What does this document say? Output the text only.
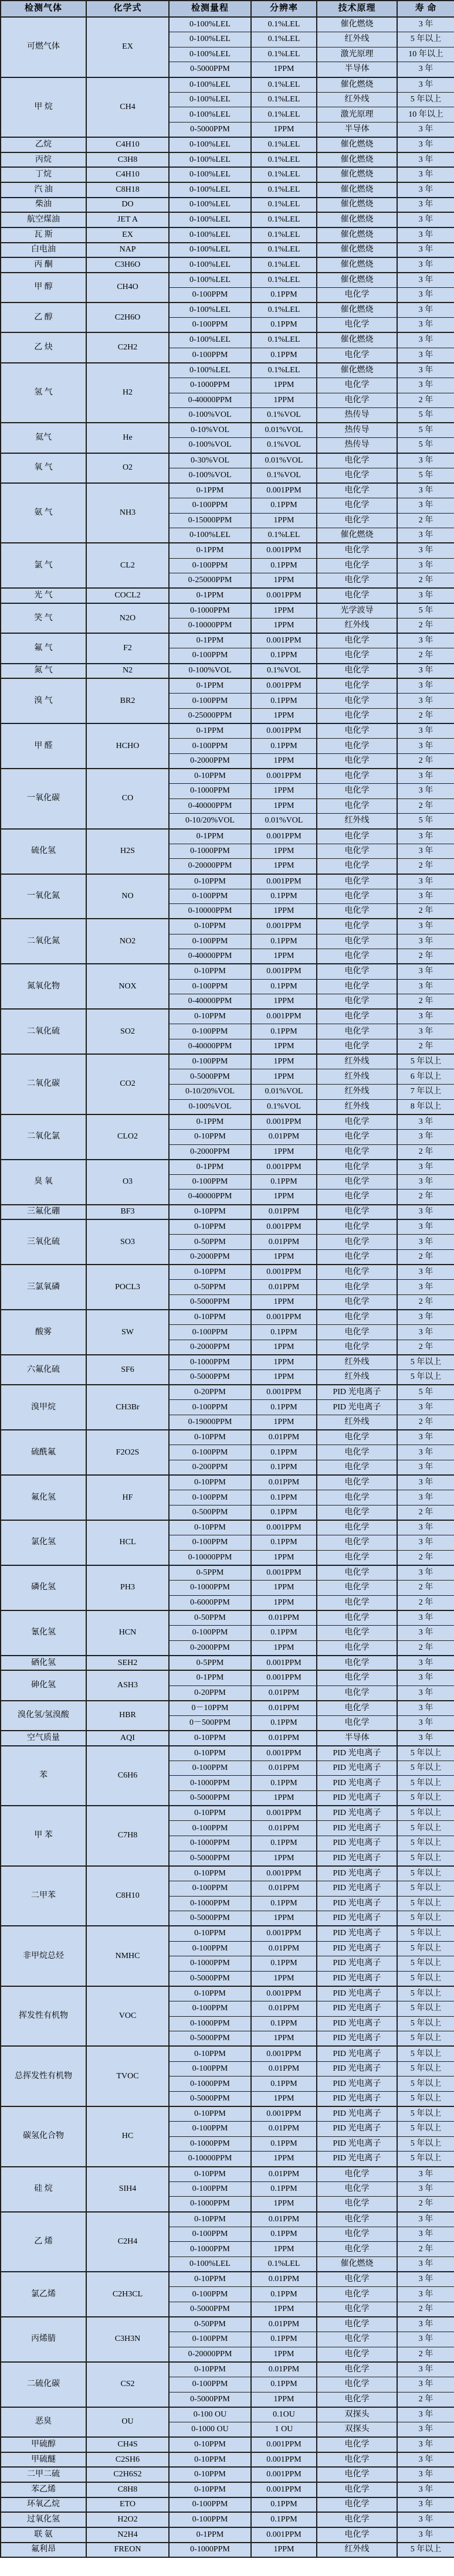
检测气体	化学式	检测量程	分辨率	技术原理	寿 命
可燃气体	EX	0-100%LEL	0.1%LEL	催化燃烧	3 年
		0-100%LEL	0.1%LEL	红外线	5 年以上
		0-100%LEL	0.1%LEL	激光原理	10 年以上
		0-5000PPM	1PPM	半导体	3 年
甲 烷	CH4	0-100%LEL	0.1%LEL	催化燃烧	3 年
		0-100%LEL	0.1%LEL	红外线	5 年以上
		0-100%LEL	0.1%LEL	激光原理	10 年以上
		0-5000PPM	1PPM	半导体	3 年
乙烷	C4H10	0-100%LEL	0.1%LEL	催化燃烧	3 年
丙烷	C3H8	0-100%LEL	0.1%LEL	催化燃烧	3 年
丁烷	C4H10	0-100%LEL	0.1%LEL	催化燃烧	3 年
汽 油	C8H18	0-100%LEL	0.1%LEL	催化燃烧	3 年
柴油	DO	0-100%LEL	0.1%LEL	催化燃烧	3 年
航空煤油	JET A	0-100%LEL	0.1%LEL	催化燃烧	3 年
瓦 斯	EX	0-100%LEL	0.1%LEL	催化燃烧	3 年
白电油	NAP	0-100%LEL	0.1%LEL	催化燃烧	3 年
丙 酮	C3H6O	0-100%LEL	0.1%LEL	催化燃烧	3 年
甲 醇	CH4O	0-100%LEL	0.1%LEL	催化燃烧	3 年
		0-100PPM	0.1PPM	电化学	3 年
乙 醇	C2H6O	0-100%LEL	0.1%LEL	催化燃烧	3 年
		0-100PPM	0.1PPM	电化学	3 年
乙 炔	C2H2	0-100%LEL	0.1%LEL	催化燃烧	3 年
		0-100PPM	0.1PPM	电化学	3 年
氢 气	H2	0-100%LEL	0.1%LEL	催化燃烧	3 年
		0-1000PPM	1PPM	电化学	3 年
		0-40000PPM	1PPM	电化学	2 年
		0-100%VOL	0.1%VOL	热传导	5 年
氦气	He	0-10%VOL	0.01%VOL	热传导	5 年
		0-100%VOL	0.1%VOL	热传导	5 年
氧 气	O2	0-30%VOL	0.01%VOL	电化学	3 年
		0-100%VOL	0.1%VOL	电化学	5 年
氨 气	NH3	0-1PPM	0.001PPM	电化学	3 年
		0-100PPM	0.1PPM	电化学	3 年
		0-15000PPM	1PPM	电化学	2 年
		0-100%LEL	0.1%LEL	催化燃烧	3 年
氯 气	CL2	0-1PPM	0.001PPM	电化学	3 年
		0-100PPM	0.1PPM	电化学	3 年
		0-25000PPM	1PPM	电化学	2 年
光 气	COCL2	0-1PPM	0.001PPM	电化学	3 年
笑 气	N2O	0-1000PPM	1PPM	光学波导	5 年
		0-10000PPM	1PPM	红外线	2 年
氟 气	F2	0-1PPM	0.001PPM	电化学	3 年
		0-100PPM	0.1PPM	电化学	2 年
氮 气	N2	0-100%VOL	0.1%VOL	电化学	3 年
溴 气	BR2	0-1PPM	0.001PPM	电化学	3 年
		0-100PPM	0.1PPM	电化学	3 年
		0-25000PPM	1PPM	电化学	2 年
甲 醛	HCHO	0-1PPM	0.001PPM	电化学	3 年
		0-100PPM	0.1PPM	电化学	3 年
		0-2000PPM	1PPM	电化学	2 年
一氧化碳	CO	0-10PPM	0.001PPM	电化学	3 年
		0-1000PPM	1PPM	电化学	3 年
		0-40000PPM	1PPM	电化学	2 年
		0-10/20%VOL	0.01%VOL	红外线	5 年
硫化氢	H2S	0-1PPM	0.001PPM	电化学	3 年
		0-1000PPM	1PPM	电化学	3 年
		0-20000PPM	1PPM	电化学	2 年
一氧化氮	NO	0-10PPM	0.001PPM	电化学	3 年
		0-100PPM	0.1PPM	电化学	3 年
		0-10000PPM	1PPM	电化学	2 年
二氧化氮	NO2	0-10PPM	0.001PPM	电化学	3 年
		0-100PPM	0.1PPM	电化学	3 年
		0-40000PPM	1PPM	电化学	2 年
氮氧化物	NOX	0-10PPM	0.001PPM	电化学	3 年
		0-100PPM	0.1PPM	电化学	3 年
		0-40000PPM	1PPM	电化学	2 年
二氧化硫	SO2	0-10PPM	0.001PPM	电化学	3 年
		0-100PPM	0.1PPM	电化学	3 年
		0-40000PPM	1PPM	电化学	2 年
二氧化碳	CO2	0-100PPM	1PPM	红外线	5 年以上
		0-5000PPM	1PPM	红外线	6 年以上
		0-10/20%VOL	0.01%VOL	红外线	7 年以上
		0-100%VOL	0.1%VOL	红外线	8 年以上
二氧化氯	CLO2	0-1PPM	0.001PPM	电化学	3 年
		0-10PPM	0.01PPM	电化学	3 年
		0-2000PPM	1PPM	电化学	2 年
臭 氧	O3	0-1PPM	0.001PPM	电化学	3 年
		0-100PPM	0.1PPM	电化学	3 年
		0-40000PPM	1PPM	电化学	2 年
三氟化硼	BF3	0-10PPM	0.01PPM	电化学	3 年
三氧化硫	SO3	0-10PPM	0.001PPM	电化学	3 年
		0-50PPM	0.01PPM	电化学	3 年
		0-2000PPM	1PPM	电化学	2 年
三氯氧磷	POCL3	0-10PPM	0.001PPM	电化学	3 年
		0-50PPM	0.01PPM	电化学	3 年
		0-5000PPM	1PPM	电化学	2 年
酸雾	SW	0-10PPM	0.001PPM	电化学	3 年
		0-100PPM	0.1PPM	电化学	3 年
		0-2000PPM	1PPM	电化学	2 年
六氟化硫	SF6	0-1000PPM	1PPM	红外线	5 年以上
		0-5000PPM	1PPM	红外线	5 年以上
溴甲烷	CH3Br	0-20PPM	0.001PPM	PID 光电离子	5 年
		0-100PPM	0.1PPM	PID 光电离子	3 年
		0-19000PPM	1PPM	红外线	2 年
硫酰氟	F2O2S	0-10PPM	0.01PPM	电化学	3 年
		0-100PPM	0.1PPM	电化学	3 年
		0-200PPM	0.1PPM	电化学	3 年
氟化氢	HF	0-10PPM	0.01PPM	电化学	3 年
		0-100PPM	0.1PPM	电化学	3 年
		0-500PPM	0.1PPM	电化学	2 年
氯化氢	HCL	0-10PPM	0.001PPM	电化学	3 年
		0-100PPM	0.1PPM	电化学	3 年
		0-10000PPM	1PPM	电化学	2 年
磷化氢	PH3	0-5PPM	0.001PPM	电化学	3 年
		0-1000PPM	1PPM	电化学	2 年
		0-6000PPM	1PPM	电化学	2 年
氰化氢	HCN	0-50PPM	0.01PPM	电化学	3 年
		0-100PPM	0.1PPM	电化学	3 年
		0-2000PPM	1PPM	电化学	2 年
硒化氢	SEH2	0-5PPM	0.001PPM	电化学	3 年
砷化氢	ASH3	0-1PPM	0.001PPM	电化学	3 年
		0-20PPM	0.01PPM	电化学	3 年
溴化氢/氢溴酸	HBR	0－10PPM	0.01PPM	电化学	3 年
		0－500PPM	0.1PPM	电化学	3 年
空气质量	AQI	0-10PPM	0.01PPM	半导体	3 年
苯	C6H6	0-10PPM	0.001PPM	PID 光电离子	5 年以上
		0-100PPM	0.01PPM	PID 光电离子	5 年以上
		0-1000PPM	0.1PPM	PID 光电离子	5 年以上
		0-5000PPM	1PPM	PID 光电离子	5 年以上
甲 苯	C7H8	0-10PPM	0.001PPM	PID 光电离子	5 年以上
		0-100PPM	0.01PPM	PID 光电离子	5 年以上
		0-1000PPM	0.1PPM	PID 光电离子	5 年以上
		0-5000PPM	1PPM	PID 光电离子	5 年以上
二甲苯	C8H10	0-10PPM	0.001PPM	PID 光电离子	5 年以上
		0-100PPM	0.01PPM	PID 光电离子	5 年以上
		0-1000PPM	0.1PPM	PID 光电离子	5 年以上
		0-5000PPM	1PPM	PID 光电离子	5 年以上
非甲烷总烃	NMHC	0-10PPM	0.001PPM	PID 光电离子	5 年以上
		0-100PPM	0.01PPM	PID 光电离子	5 年以上
		0-1000PPM	0.1PPM	PID 光电离子	5 年以上
		0-5000PPM	1PPM	PID 光电离子	5 年以上
挥发性有机物	VOC	0-10PPM	0.001PPM	PID 光电离子	5 年以上
		0-100PPM	0.01PPM	PID 光电离子	5 年以上
		0-1000PPM	0.1PPM	PID 光电离子	5 年以上
		0-5000PPM	1PPM	PID 光电离子	5 年以上
总挥发性有机物	TVOC	0-10PPM	0.001PPM	PID 光电离子	5 年以上
		0-100PPM	0.01PPM	PID 光电离子	5 年以上
		0-1000PPM	0.1PPM	PID 光电离子	5 年以上
		0-5000PPM	1PPM	PID 光电离子	5 年以上
碳氢化合物	HC	0-10PPM	0.001PPM	PID 光电离子	5 年以上
		0-100PPM	0.01PPM	PID 光电离子	5 年以上
		0-1000PPM	0.1PPM	PID 光电离子	5 年以上
		0-10000PPM	1PPM	PID 光电离子	5 年以上
硅 烷	SIH4	0-10PPM	0.01PPM	电化学	3 年
		0-100PPM	0.1PPM	电化学	3 年
		0-1000PPM	1PPM	电化学	2 年
乙 烯	C2H4	0-10PPM	0.01PPM	电化学	3 年
		0-100PPM	0.1PPM	电化学	3 年
		0-1000PPM	1PPM	电化学	2 年
		0-100%LEL	0.1%LEL	催化燃烧	3 年
氯乙烯	C2H3CL	0-10PPM	0.01PPM	电化学	3 年
		0-100PPM	0.1PPM	电化学	3 年
		0-5000PPM	1PPM	电化学	2 年
丙烯腈	C3H3N	0-50PPM	0.01PPM	电化学	3 年
		0-100PPM	0.1PPM	电化学	3 年
		0-20000PPM	1PPM	电化学	2 年
二硫化碳	CS2	0-10PPM	0.01PPM	电化学	3 年
		0-100PPM	0.1PPM	电化学	3 年
		0-5000PPM	1PPM	电化学	2 年
恶臭	OU	0-100 OU	0.1OU	双探头	3 年
		0-1000 OU	1 OU	双探头	3 年
甲硫醇	CH4S	0-10PPM	0.001PPM	电化学	3 年
甲硫醚	C2SH6	0-10PPM	0.001PPM	电化学	3 年
二甲二硫	C2H6S2	0-10PPM	0.001PPM	电化学	3 年
苯乙烯	C8H8	0-10PPM	0.001PPM	电化学	3 年
环氧乙烷	ETO	0-100PPM	0.1PPM	电化学	3 年
过氧化氢	H2O2	0-100PPM	0.1PPM	电化学	3 年
联 氨	N2H4	0-1PPM	0.001PPM	电化学	3 年
氟利昂	FREON	0-1000PPM	1PPM	红外线	5 年以上
